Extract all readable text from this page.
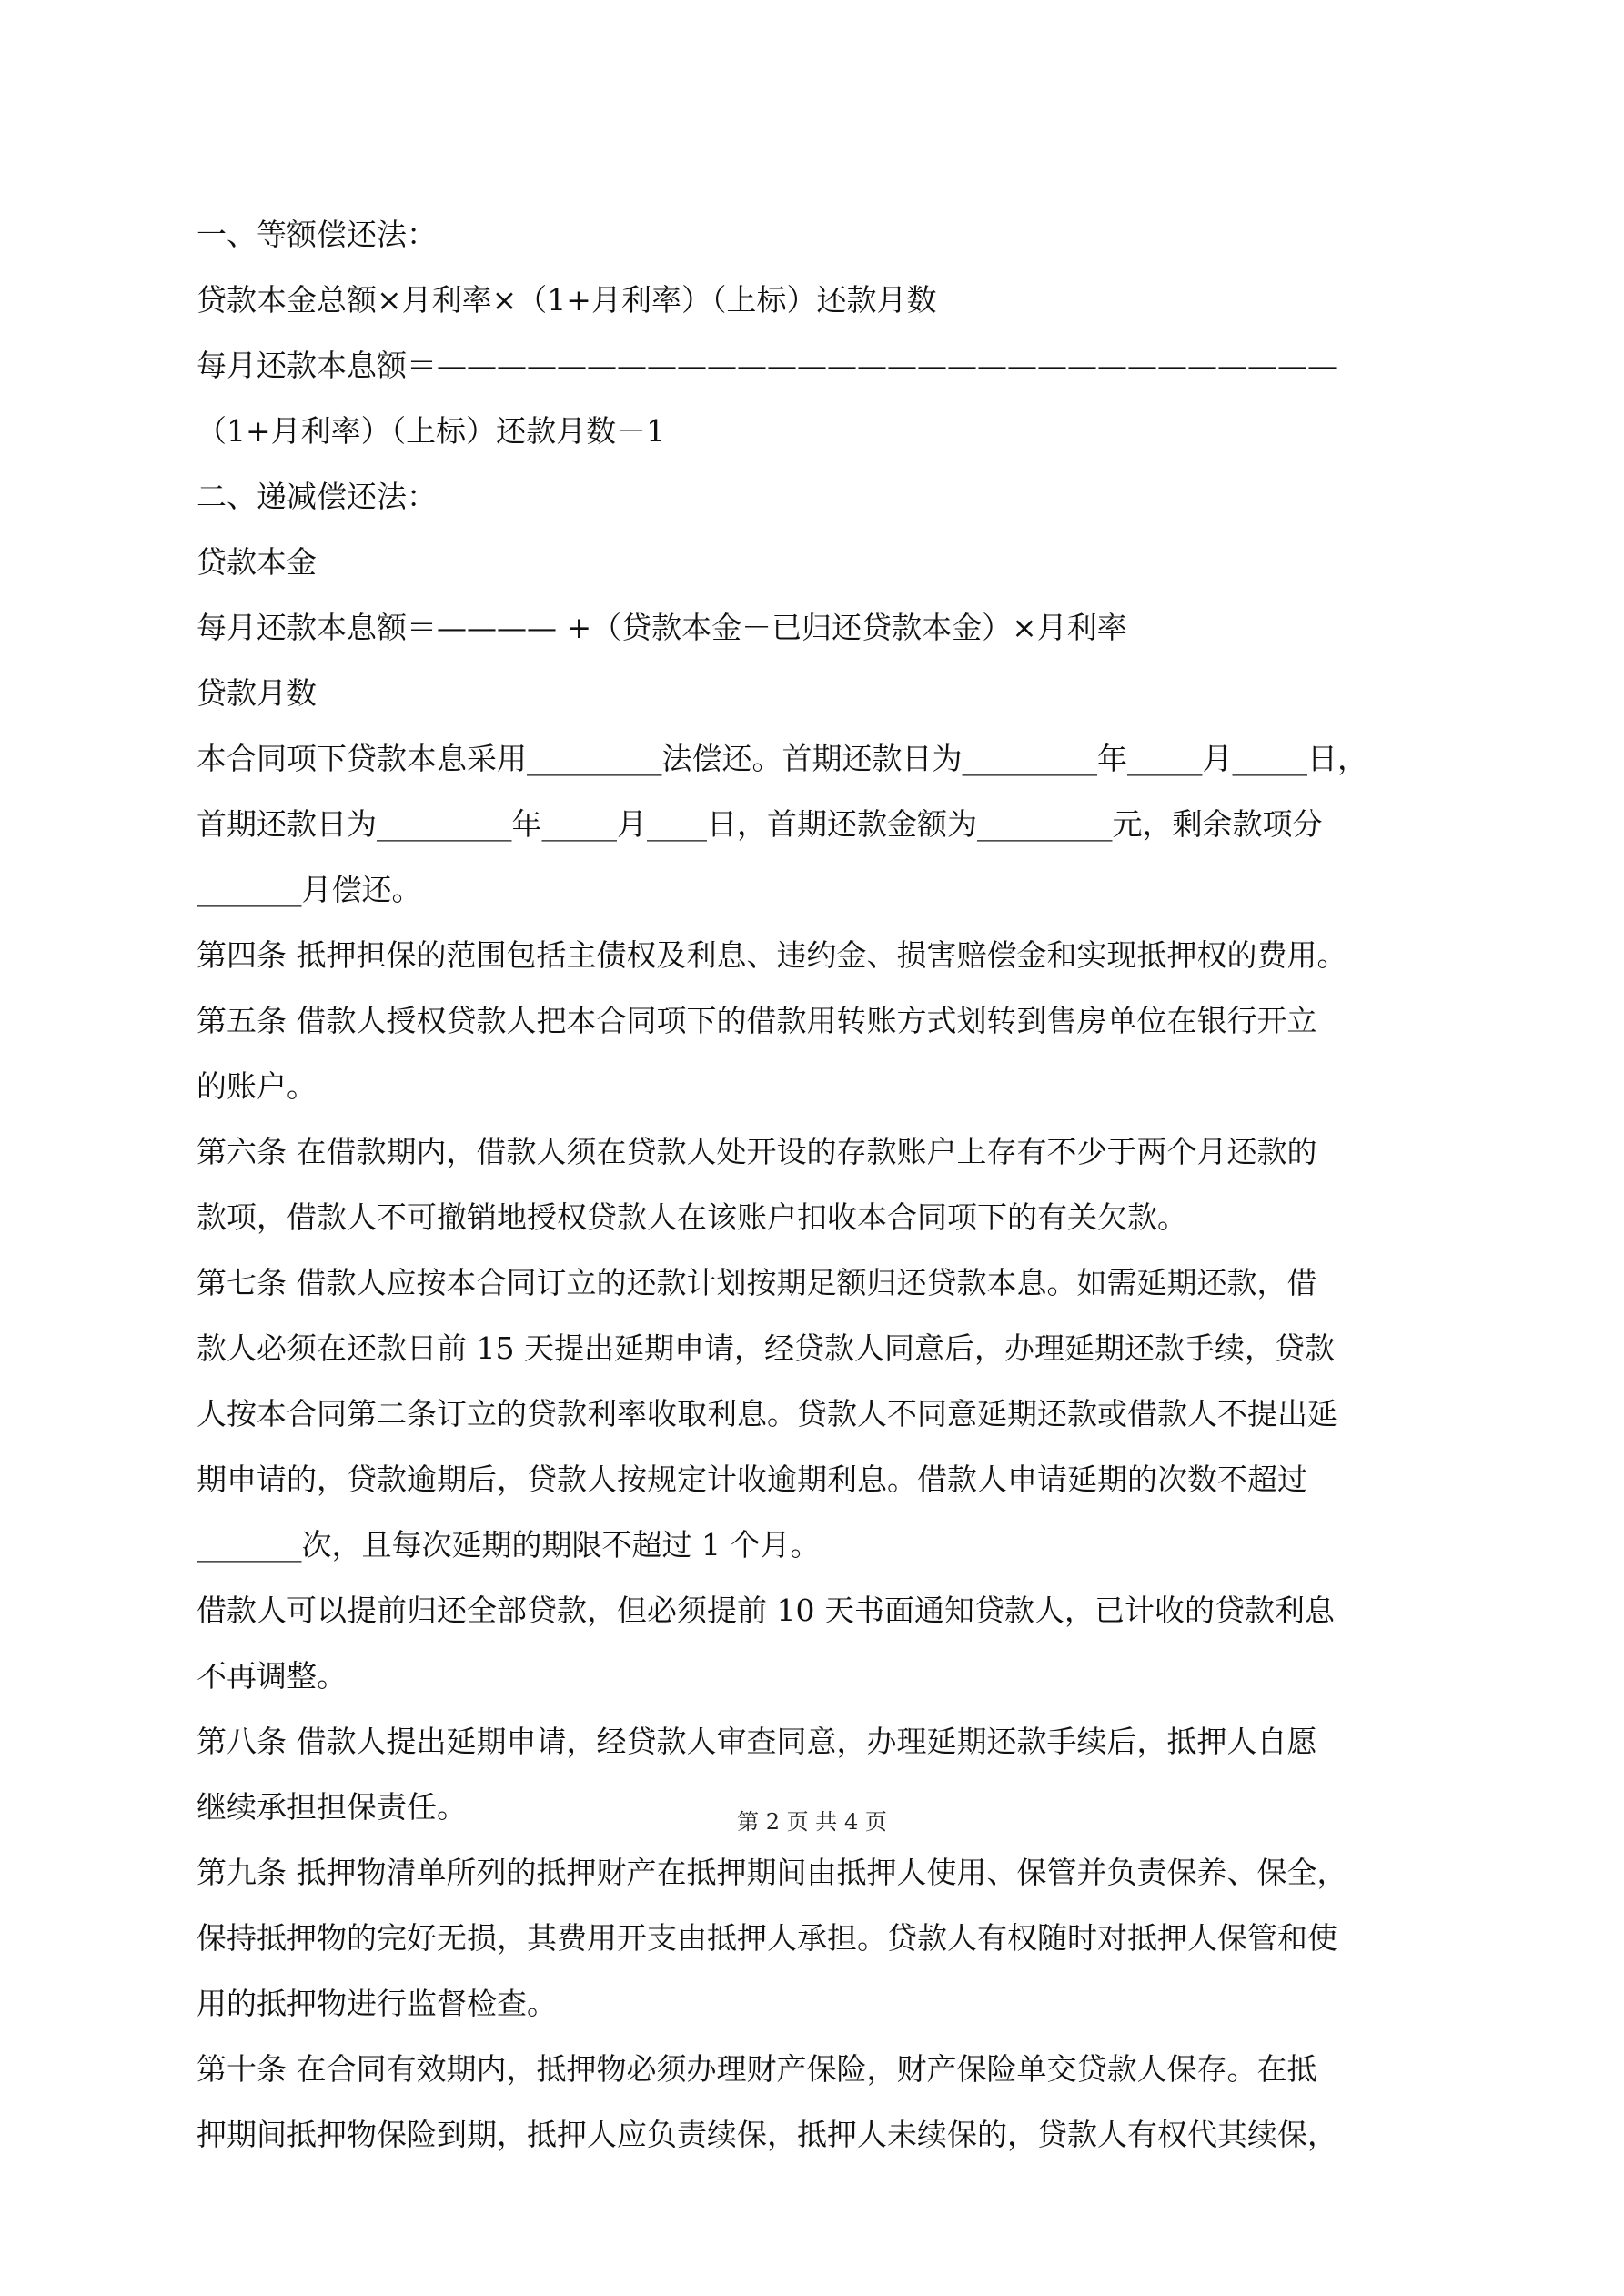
一、等额偿还法：
贷款本金总额×月利率×（1+月利率）（上标）还款月数
每月还款本息额＝——————————————————————————————
（1+月利率）（上标）还款月数－1
二、递减偿还法：
贷款本金
每月还款本息额＝———— +（贷款本金－已归还贷款本金）×月利率
贷款月数
本合同项下贷款本息采用_________法偿还。首期还款日为_________年_____月_____日，
首期还款日为_________年_____月____日，首期还款金额为_________元，剩余款项分
_______月偿还。
第四条 抵押担保的范围包括主债权及利息、违约金、损害赔偿金和实现抵押权的费用。
第五条 借款人授权贷款人把本合同项下的借款用转账方式划转到售房单位在银行开立
的账户。
第六条 在借款期内，借款人须在贷款人处开设的存款账户上存有不少于两个月还款的
款项，借款人不可撤销地授权贷款人在该账户扣收本合同项下的有关欠款。
第七条 借款人应按本合同订立的还款计划按期足额归还贷款本息。如需延期还款，借
款人必须在还款日前 15 天提出延期申请，经贷款人同意后，办理延期还款手续，贷款
人按本合同第二条订立的贷款利率收取利息。贷款人不同意延期还款或借款人不提出延
期申请的，贷款逾期后，贷款人按规定计收逾期利息。借款人申请延期的次数不超过
_______次，且每次延期的期限不超过 1 个月。
借款人可以提前归还全部贷款，但必须提前 10 天书面通知贷款人，已计收的贷款利息
不再调整。
第八条 借款人提出延期申请，经贷款人审查同意，办理延期还款手续后，抵押人自愿
继续承担担保责任。
第九条 抵押物清单所列的抵押财产在抵押期间由抵押人使用、保管并负责保养、保全，
保持抵押物的完好无损，其费用开支由抵押人承担。贷款人有权随时对抵押人保管和使
用的抵押物进行监督检查。
第十条 在合同有效期内，抵押物必须办理财产保险，财产保险单交贷款人保存。在抵
押期间抵押物保险到期，抵押人应负责续保，抵押人未续保的，贷款人有权代其续保，
第 2 页 共 4 页
